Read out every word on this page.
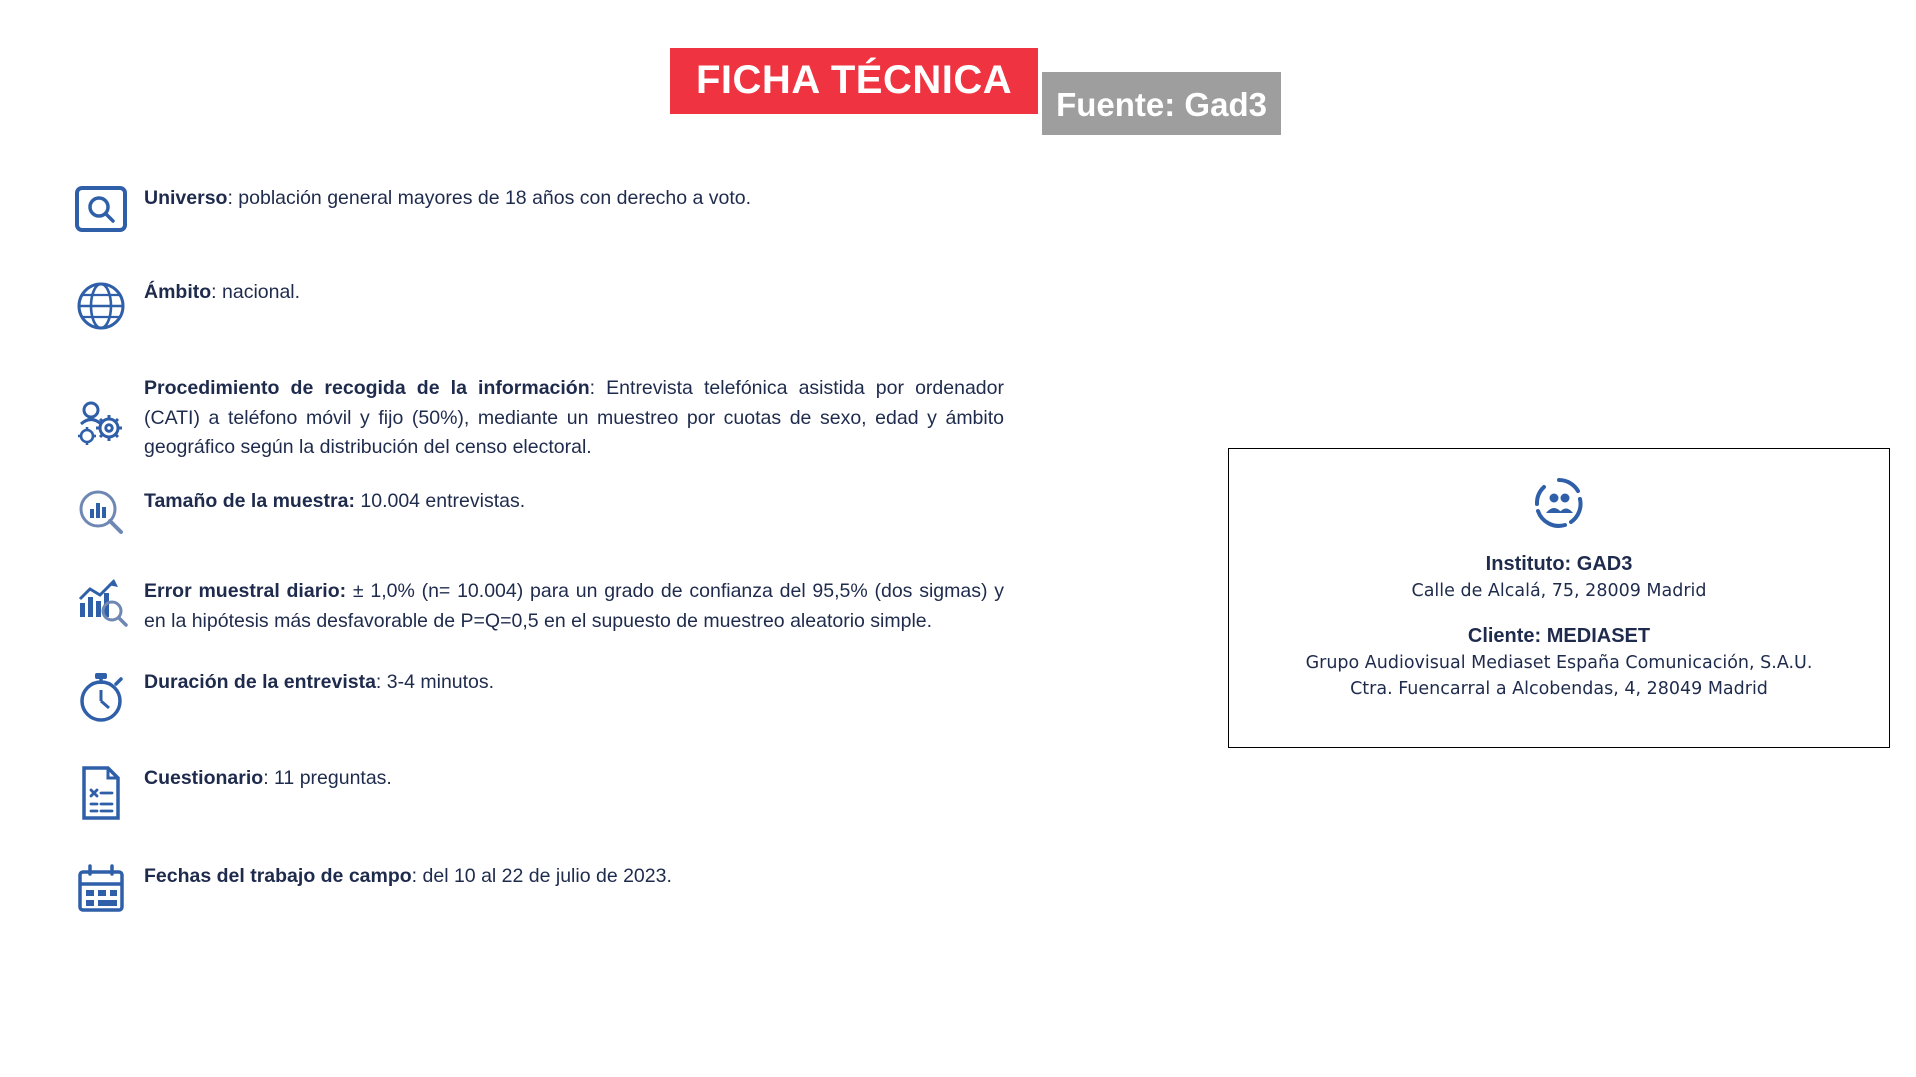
FICHA TÉCNICA
Fuente: Gad3
Universo: población general mayores de 18 años con derecho a voto.
Ámbito: nacional.
Procedimiento de recogida de la información: Entrevista telefónica asistida por ordenador (CATI) a teléfono móvil y fijo (50%), mediante un muestreo por cuotas de sexo, edad y ámbito geográfico según la distribución del censo electoral.
Tamaño de la muestra: 10.004 entrevistas.
Error muestral diario: ± 1,0% (n= 10.004) para un grado de confianza del 95,5% (dos sigmas) y en la hipótesis más desfavorable de P=Q=0,5 en el supuesto de muestreo aleatorio simple.
Duración de la entrevista: 3-4 minutos.
Cuestionario: 11 preguntas.
Fechas del trabajo de campo: del 10 al 22 de julio de 2023.
Instituto: GAD3
Calle de Alcalá, 75, 28009 Madrid
Cliente: MEDIASET
Grupo Audiovisual Mediaset España Comunicación, S.A.U.
Ctra. Fuencarral a Alcobendas, 4, 28049 Madrid
